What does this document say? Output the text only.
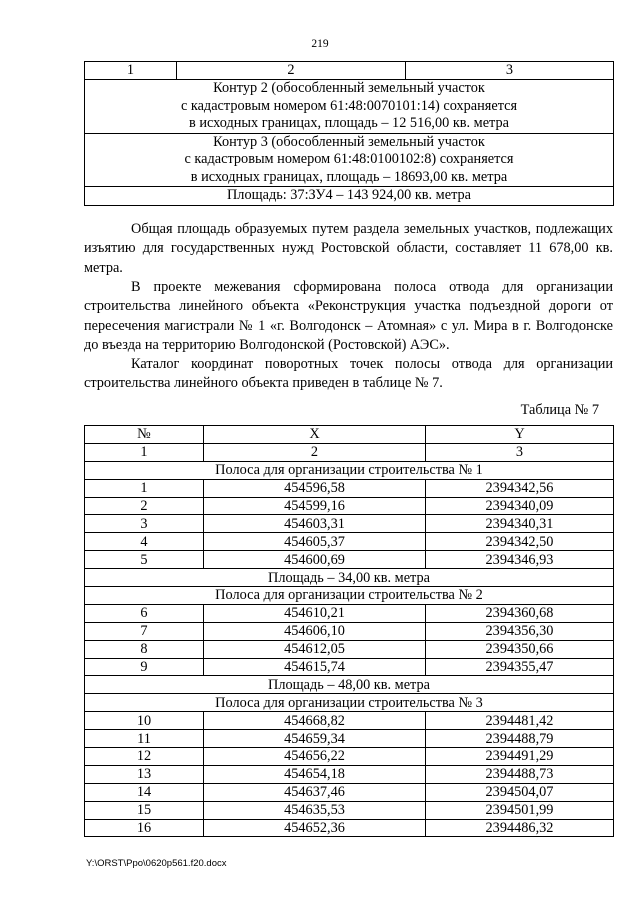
219
1	2	3

Контур 2 (обособленный земельный участок
с кадастровым номером 61:48:0070101:14) сохраняется
в исходных границах, площадь – 12 516,00 кв. метра

Контур 3 (обособленный земельный участок
с кадастровым номером 61:48:0100102:8) сохраняется
в исходных границах, площадь – 18693,00 кв. метра

Площадь: 37:ЗУ4 – 143 924,00 кв. метра

Общая площадь образуемых путем раздела земельных участков, подлежащих изъятию для государственных нужд Ростовской области, составляет 11 678,00 кв. метра.

В проекте межевания сформирована полоса отвода для организации строительства линейного объекта «Реконструкция участка подъездной дороги от пересечения магистрали № 1 «г. Волгодонск – Атомная» с ул. Мира в г. Волгодонске до въезда на территорию Волгодонской (Ростовской) АЭС».

Каталог координат поворотных точек полосы отвода для организации строительства линейного объекта приведен в таблице № 7.

Таблица № 7
№	X	Y
1	2	3
Полоса для организации строительства № 1		
1	454596,58	2394342,56
2	454599,16	2394340,09
3	454603,31	2394340,31
4	454605,37	2394342,50
5	454600,69	2394346,93
Площадь – 34,00 кв. метра		
Полоса для организации строительства № 2		
6	454610,21	2394360,68
7	454606,10	2394356,30
8	454612,05	2394350,66
9	454615,74	2394355,47
Площадь – 48,00 кв. метра		
Полоса для организации строительства № 3		
10	454668,82	2394481,42
11	454659,34	2394488,79
12	454656,22	2394491,29
13	454654,18	2394488,73
14	454637,46	2394504,07
15	454635,53	2394501,99
16	454652,36	2394486,32
Y:\ORST\Ppo\0620p561.f20.docx
